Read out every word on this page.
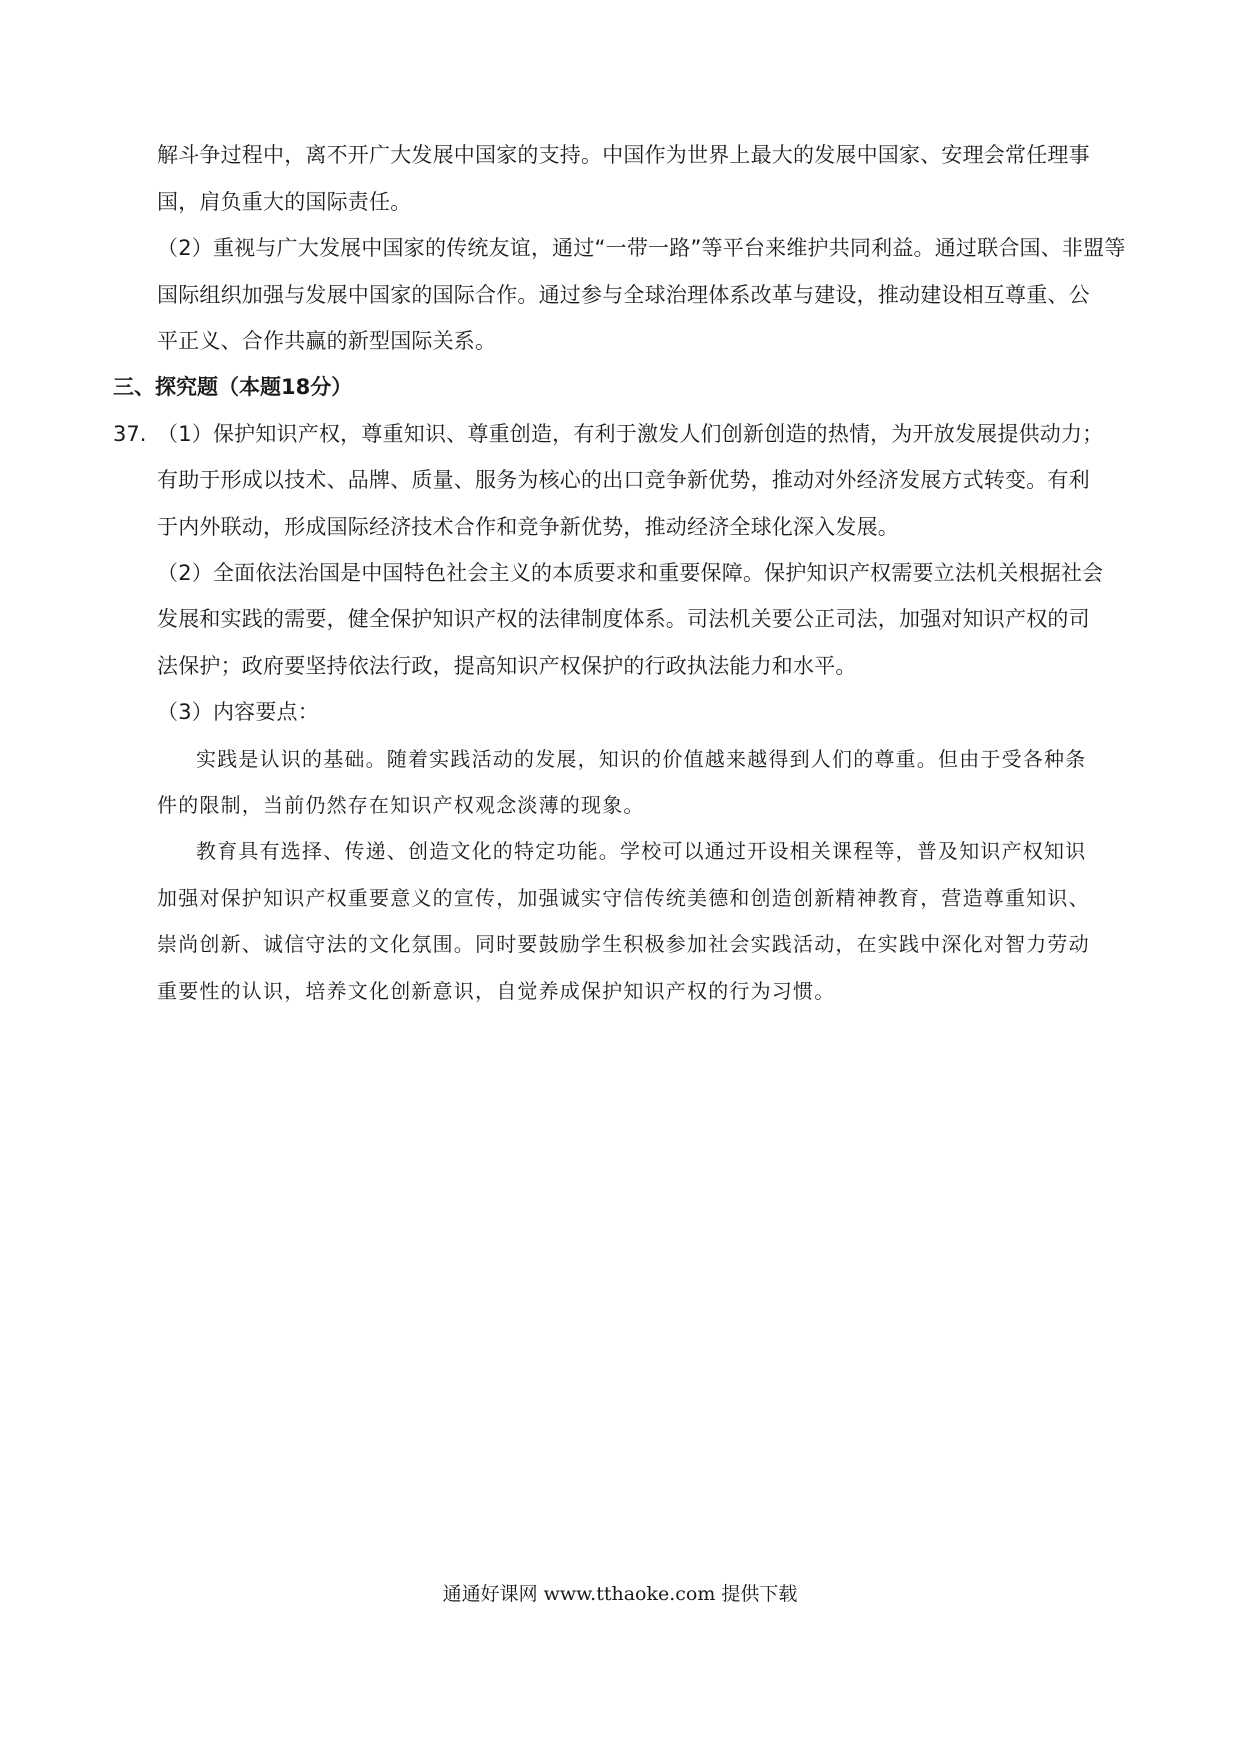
解斗争过程中，离不开广大发展中国家的支持。中国作为世界上最大的发展中国家、安理会常任理事
国，肩负重大的国际责任。
（2）重视与广大发展中国家的传统友谊，通过“一带一路”等平台来维护共同利益。通过联合国、非盟等
国际组织加强与发展中国家的国际合作。通过参与全球治理体系改革与建设，推动建设相互尊重、公
平正义、合作共赢的新型国际关系。
三、探究题（本题18分）
37. （1）保护知识产权，尊重知识、尊重创造，有利于激发人们创新创造的热情，为开放发展提供动力；
有助于形成以技术、品牌、质量、服务为核心的出口竞争新优势，推动对外经济发展方式转变。有利
于内外联动，形成国际经济技术合作和竞争新优势，推动经济全球化深入发展。
（2）全面依法治国是中国特色社会主义的本质要求和重要保障。保护知识产权需要立法机关根据社会
发展和实践的需要，健全保护知识产权的法律制度体系。司法机关要公正司法，加强对知识产权的司
法保护；政府要坚持依法行政，提高知识产权保护的行政执法能力和水平。
（3）内容要点：
实践是认识的基础。随着实践活动的发展，知识的价值越来越得到人们的尊重。但由于受各种条
件的限制，当前仍然存在知识产权观念淡薄的现象。
教育具有选择、传递、创造文化的特定功能。学校可以通过开设相关课程等，普及知识产权知识
加强对保护知识产权重要意义的宣传，加强诚实守信传统美德和创造创新精神教育，营造尊重知识、
崇尚创新、诚信守法的文化氛围。同时要鼓励学生积极参加社会实践活动，在实践中深化对智力劳动
重要性的认识，培养文化创新意识，自觉养成保护知识产权的行为习惯。
通通好课网 www.tthaoke.com 提供下载
